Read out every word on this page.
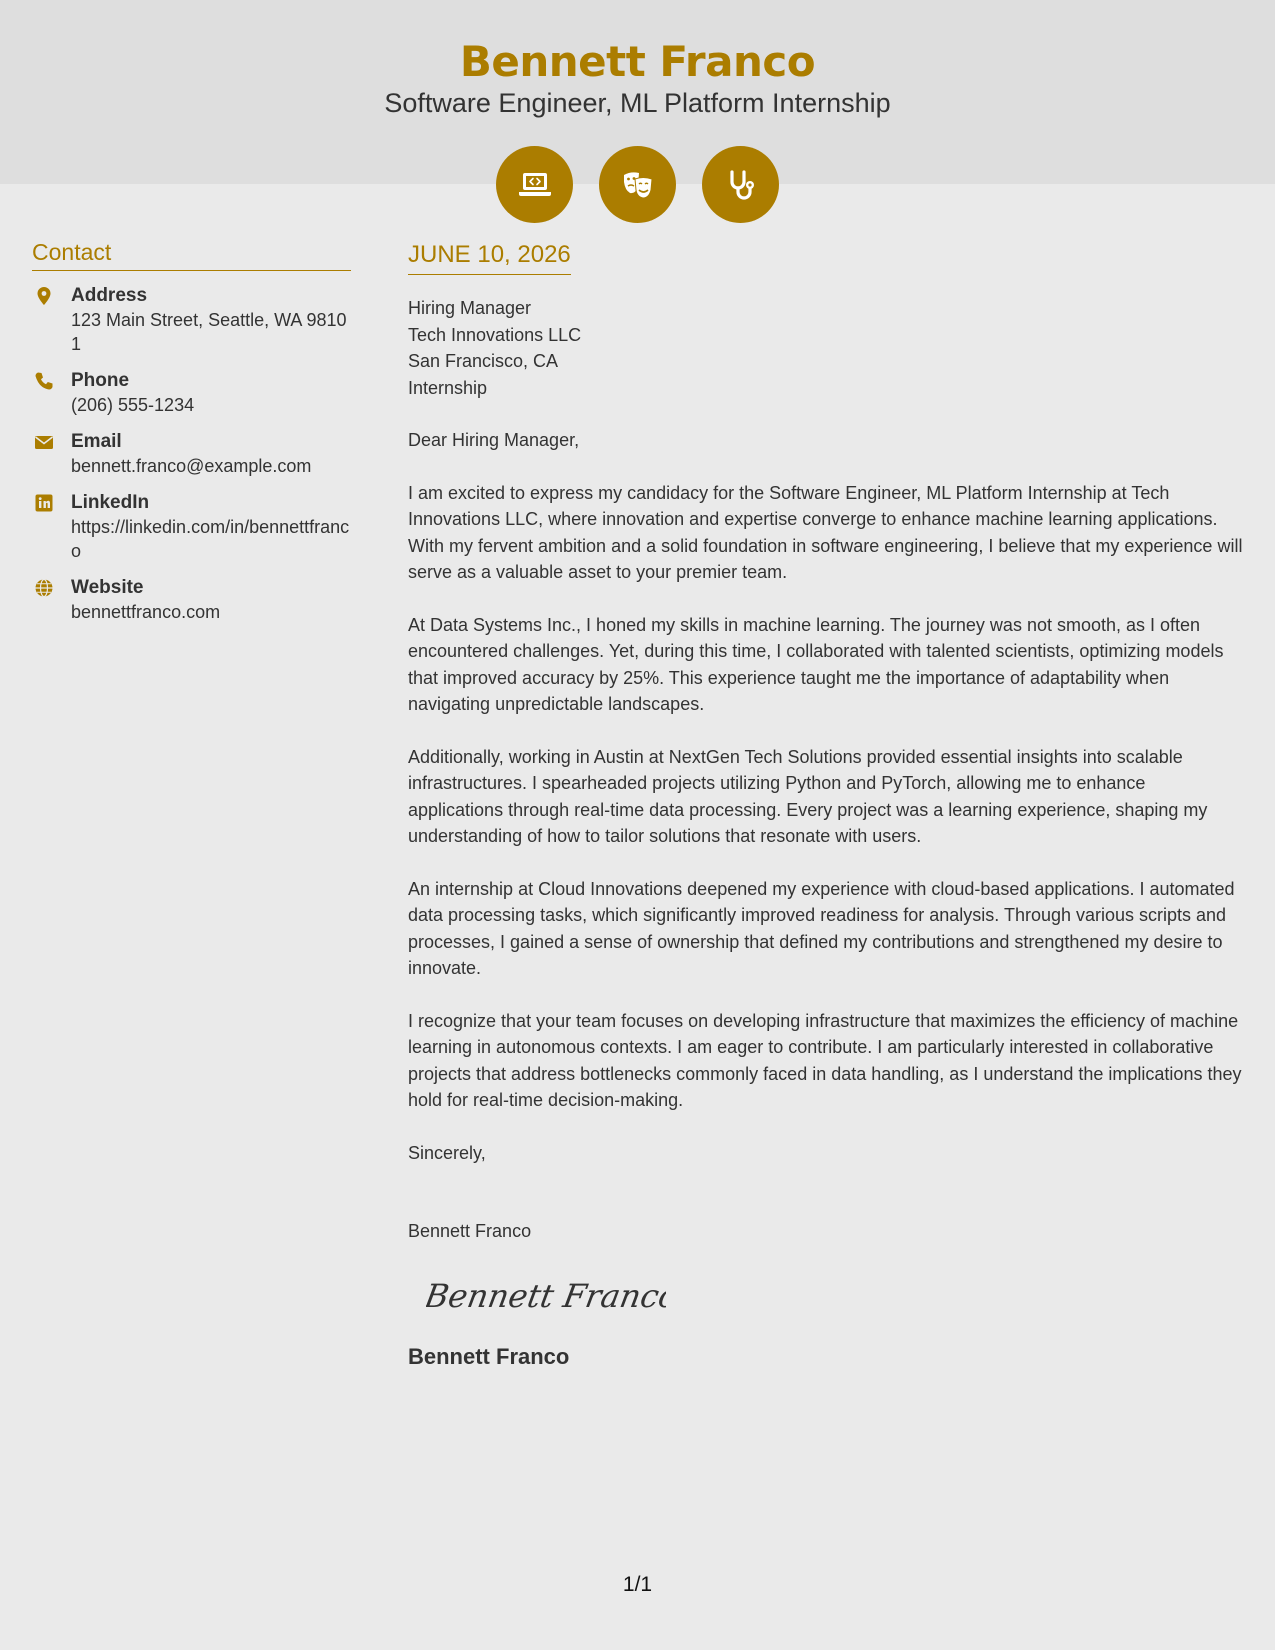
Bennett Franco
Software Engineer, ML Platform Internship
Contact
Address
123 Main Street, Seattle, WA 98101
Phone
(206) 555-1234
Email
bennett.franco@example.com
LinkedIn
https://linkedin.com/in/bennettfranco
Website
bennettfranco.com
JUNE 10, 2026
Hiring Manager
Tech Innovations LLC
San Francisco, CA
Internship
Dear Hiring Manager,
I am excited to express my candidacy for the Software Engineer, ML Platform Internship at Tech Innovations LLC, where innovation and expertise converge to enhance machine learning applications. With my fervent ambition and a solid foundation in software engineering, I believe that my experience will serve as a valuable asset to your premier team.
At Data Systems Inc., I honed my skills in machine learning. The journey was not smooth, as I often encountered challenges. Yet, during this time, I collaborated with talented scientists, optimizing models that improved accuracy by 25%. This experience taught me the importance of adaptability when navigating unpredictable landscapes.
Additionally, working in Austin at NextGen Tech Solutions provided essential insights into scalable infrastructures. I spearheaded projects utilizing Python and PyTorch, allowing me to enhance applications through real-time data processing. Every project was a learning experience, shaping my understanding of how to tailor solutions that resonate with users.
An internship at Cloud Innovations deepened my experience with cloud-based applications. I automated data processing tasks, which significantly improved readiness for analysis. Through various scripts and processes, I gained a sense of ownership that defined my contributions and strengthened my desire to innovate.
I recognize that your team focuses on developing infrastructure that maximizes the efficiency of machine learning in autonomous contexts. I am eager to contribute. I am particularly interested in collaborative projects that address bottlenecks commonly faced in data handling, as I understand the implications they hold for real-time decision-making.
Sincerely,
Bennett Franco
Bennett Franco
Bennett Franco
1/1
